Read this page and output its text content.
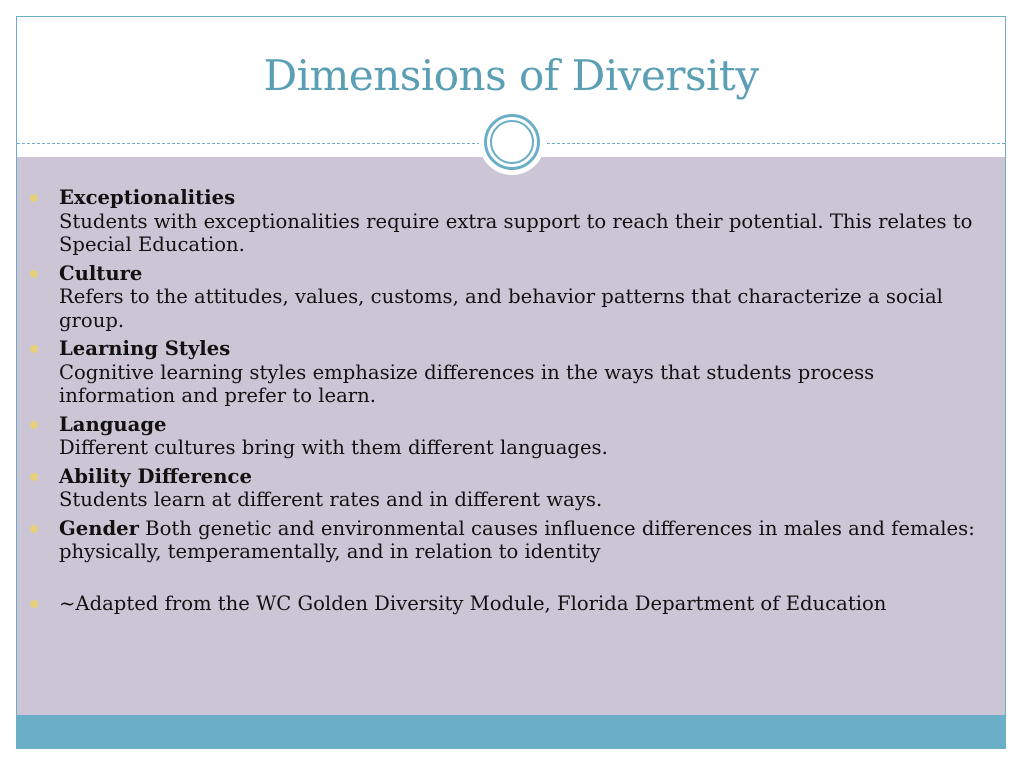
Dimensions of Diversity
Exceptionalities
Students with exceptionalities require extra support to reach their potential. This relates to Special Education.
Culture
Refers to the attitudes, values, customs, and behavior patterns that characterize a social group.
Learning Styles
Cognitive learning styles emphasize differences in the ways that students process information and prefer to learn.
Language
Different cultures bring with them different languages.
Ability Difference
Students learn at different rates and in different ways.
Gender Both genetic and environmental causes influence differences in males and females: physically, temperamentally, and in relation to identity
~Adapted from the WC Golden Diversity Module, Florida Department of Education
